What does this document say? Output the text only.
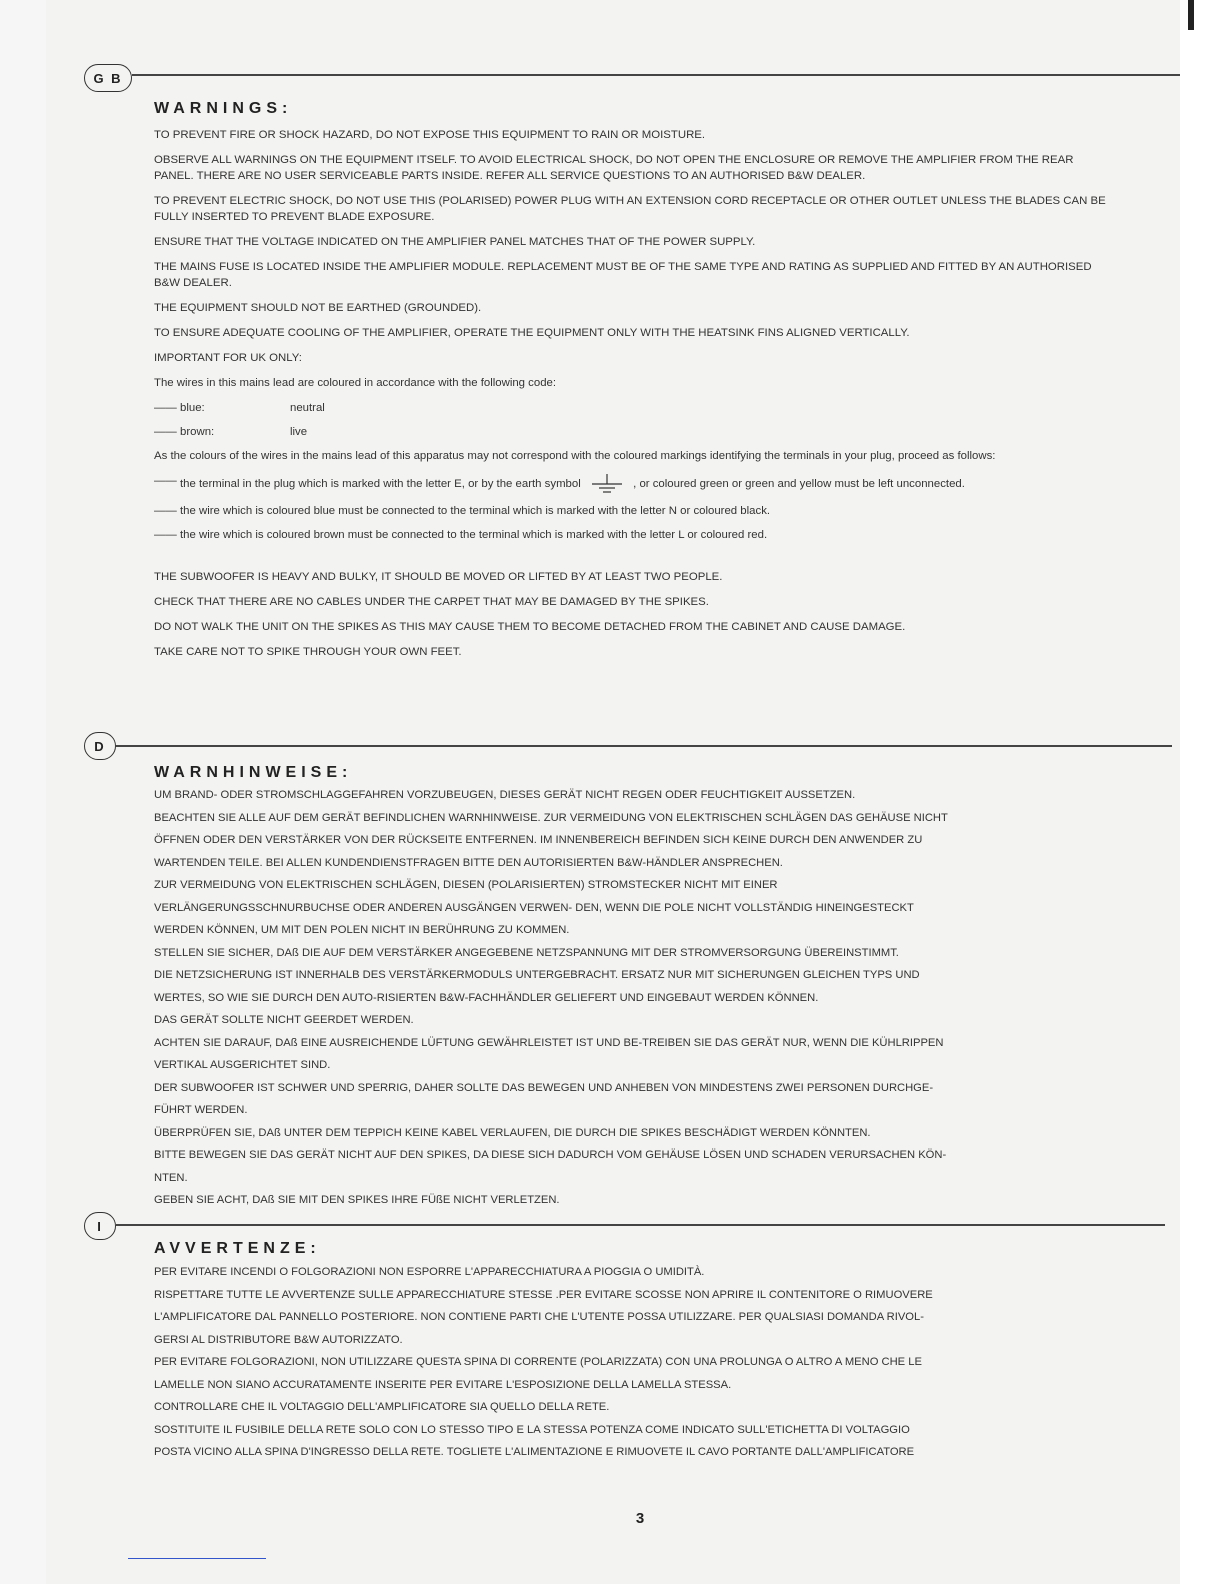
G B
WARNINGS:

TO PREVENT FIRE OR SHOCK HAZARD, DO NOT EXPOSE THIS EQUIPMENT TO RAIN OR MOISTURE.

OBSERVE ALL WARNINGS ON THE EQUIPMENT ITSELF. TO AVOID ELECTRICAL SHOCK, DO NOT OPEN THE ENCLOSURE OR REMOVE THE AMPLIFIER FROM THE REAR PANEL. THERE ARE NO USER SERVICEABLE PARTS INSIDE. REFER ALL SERVICE QUESTIONS TO AN AUTHORISED B&W DEALER.

TO PREVENT ELECTRIC SHOCK, DO NOT USE THIS (POLARISED) POWER PLUG WITH AN EXTENSION CORD RECEPTACLE OR OTHER OUTLET UNLESS THE BLADES CAN BE FULLY INSERTED TO PREVENT BLADE EXPOSURE.

ENSURE THAT THE VOLTAGE INDICATED ON THE AMPLIFIER PANEL MATCHES THAT OF THE POWER SUPPLY.

THE MAINS FUSE IS LOCATED INSIDE THE AMPLIFIER MODULE. REPLACEMENT MUST BE OF THE SAME TYPE AND RATING AS SUPPLIED AND FITTED BY AN AUTHORISED B&W DEALER.

THE EQUIPMENT SHOULD NOT BE EARTHED (GROUNDED).

TO ENSURE ADEQUATE COOLING OF THE AMPLIFIER, OPERATE THE EQUIPMENT ONLY WITH THE HEATSINK FINS ALIGNED VERTICALLY.

IMPORTANT FOR UK ONLY:

The wires in this mains lead are coloured in accordance with the following code:

—— blue:	neutral
—— brown:	live

As the colours of the wires in the mains lead of this apparatus may not correspond with the coloured markings identifying the terminals in your plug, proceed as follows:

—— the terminal in the plug which is marked with the letter E, or by the earth symbol	, or coloured green or green and yellow must be left unconnected.
—— the wire which is coloured blue must be connected to the terminal which is marked with the letter N or coloured black.
—— the wire which is coloured brown must be connected to the terminal which is marked with the letter L or coloured red.

THE SUBWOOFER IS HEAVY AND BULKY, IT SHOULD BE MOVED OR LIFTED BY AT LEAST TWO PEOPLE.

CHECK THAT THERE ARE NO CABLES UNDER THE CARPET THAT MAY BE DAMAGED BY THE SPIKES.

DO NOT WALK THE UNIT ON THE SPIKES AS THIS MAY CAUSE THEM TO BECOME DETACHED FROM THE CABINET AND CAUSE DAMAGE.

TAKE CARE NOT TO SPIKE THROUGH YOUR OWN FEET.

D
WARNHINWEISE:

UM BRAND- ODER STROMSCHLAGGEFAHREN VORZUBEUGEN, DIESES GERÄT NICHT REGEN ODER FEUCHTIGKEIT AUSSETZEN.

BEACHTEN SIE ALLE AUF DEM GERÄT BEFINDLICHEN WARNHINWEISE. ZUR VERMEIDUNG VON ELEKTRISCHEN SCHLÄGEN DAS GEHÄUSE NICHT

ÖFFNEN ODER DEN VERSTÄRKER VON DER RÜCKSEITE ENTFERNEN. IM INNENBEREICH BEFINDEN SICH KEINE DURCH DEN ANWENDER ZU

WARTENDEN TEILE. BEI ALLEN KUNDENDIENSTFRAGEN BITTE DEN AUTORISIERTEN B&W-HÄNDLER ANSPRECHEN.

ZUR VERMEIDUNG VON ELEKTRISCHEN SCHLÄGEN, DIESEN (POLARISIERTEN) STROMSTECKER NICHT MIT EINER

VERLÄNGERUNGSSCHNURBUCHSE ODER ANDEREN AUSGÄNGEN VERWEN- DEN, WENN DIE POLE NICHT VOLLSTÄNDIG HINEINGESTECKT

WERDEN KÖNNEN, UM MIT DEN POLEN NICHT IN BERÜHRUNG ZU KOMMEN.

STELLEN SIE SICHER, DAß DIE AUF DEM VERSTÄRKER ANGEGEBENE NETZSPANNUNG MIT DER STROMVERSORGUNG ÜBEREINSTIMMT.

DIE NETZSICHERUNG IST INNERHALB DES VERSTÄRKERMODULS UNTERGEBRACHT. ERSATZ NUR MIT SICHERUNGEN GLEICHEN TYPS UND

WERTES, SO WIE SIE DURCH DEN AUTO-RISIERTEN B&W-FACHHÄNDLER GELIEFERT UND EINGEBAUT WERDEN KÖNNEN.

DAS GERÄT SOLLTE NICHT GEERDET WERDEN.

ACHTEN SIE DARAUF, DAß EINE AUSREICHENDE LÜFTUNG GEWÄHRLEISTET IST UND BE-TREIBEN SIE DAS GERÄT NUR, WENN DIE KÜHLRIPPEN

VERTIKAL AUSGERICHTET SIND.

DER SUBWOOFER IST SCHWER UND SPERRIG, DAHER SOLLTE DAS BEWEGEN UND ANHEBEN VON MINDESTENS ZWEI PERSONEN DURCHGE-

FÜHRT WERDEN.

ÜBERPRÜFEN SIE, DAß UNTER DEM TEPPICH KEINE KABEL VERLAUFEN, DIE DURCH DIE SPIKES BESCHÄDIGT WERDEN KÖNNTEN.

BITTE BEWEGEN SIE DAS GERÄT NICHT AUF DEN SPIKES, DA DIESE SICH DADURCH VOM GEHÄUSE LÖSEN UND SCHADEN VERURSACHEN KÖN-

NTEN.

GEBEN SIE ACHT, DAß SIE MIT DEN SPIKES IHRE FÜßE NICHT VERLETZEN.

I
AVVERTENZE:

PER EVITARE INCENDI O FOLGORAZIONI NON ESPORRE L'APPARECCHIATURA A PIOGGIA O UMIDITÀ.

RISPETTARE TUTTE LE AVVERTENZE SULLE APPARECCHIATURE STESSE .PER EVITARE SCOSSE NON APRIRE IL CONTENITORE O RIMUOVERE

L'AMPLIFICATORE DAL PANNELLO POSTERIORE. NON CONTIENE PARTI CHE L'UTENTE POSSA UTILIZZARE. PER QUALSIASI DOMANDA RIVOL-

GERSI AL DISTRIBUTORE B&W AUTORIZZATO.

PER EVITARE FOLGORAZIONI, NON UTILIZZARE QUESTA SPINA DI CORRENTE (POLARIZZATA) CON UNA PROLUNGA O ALTRO A MENO CHE LE

LAMELLE NON SIANO ACCURATAMENTE INSERITE PER EVITARE L'ESPOSIZIONE DELLA LAMELLA STESSA.

CONTROLLARE CHE IL VOLTAGGIO DELL'AMPLIFICATORE SIA QUELLO DELLA RETE.

SOSTITUITE IL FUSIBILE DELLA RETE SOLO CON LO STESSO TIPO E LA STESSA POTENZA COME INDICATO SULL'ETICHETTA DI VOLTAGGIO

POSTA VICINO ALLA SPINA D'INGRESSO DELLA RETE. TOGLIETE L'ALIMENTAZIONE E RIMUOVETE IL CAVO PORTANTE DALL'AMPLIFICATORE

3
